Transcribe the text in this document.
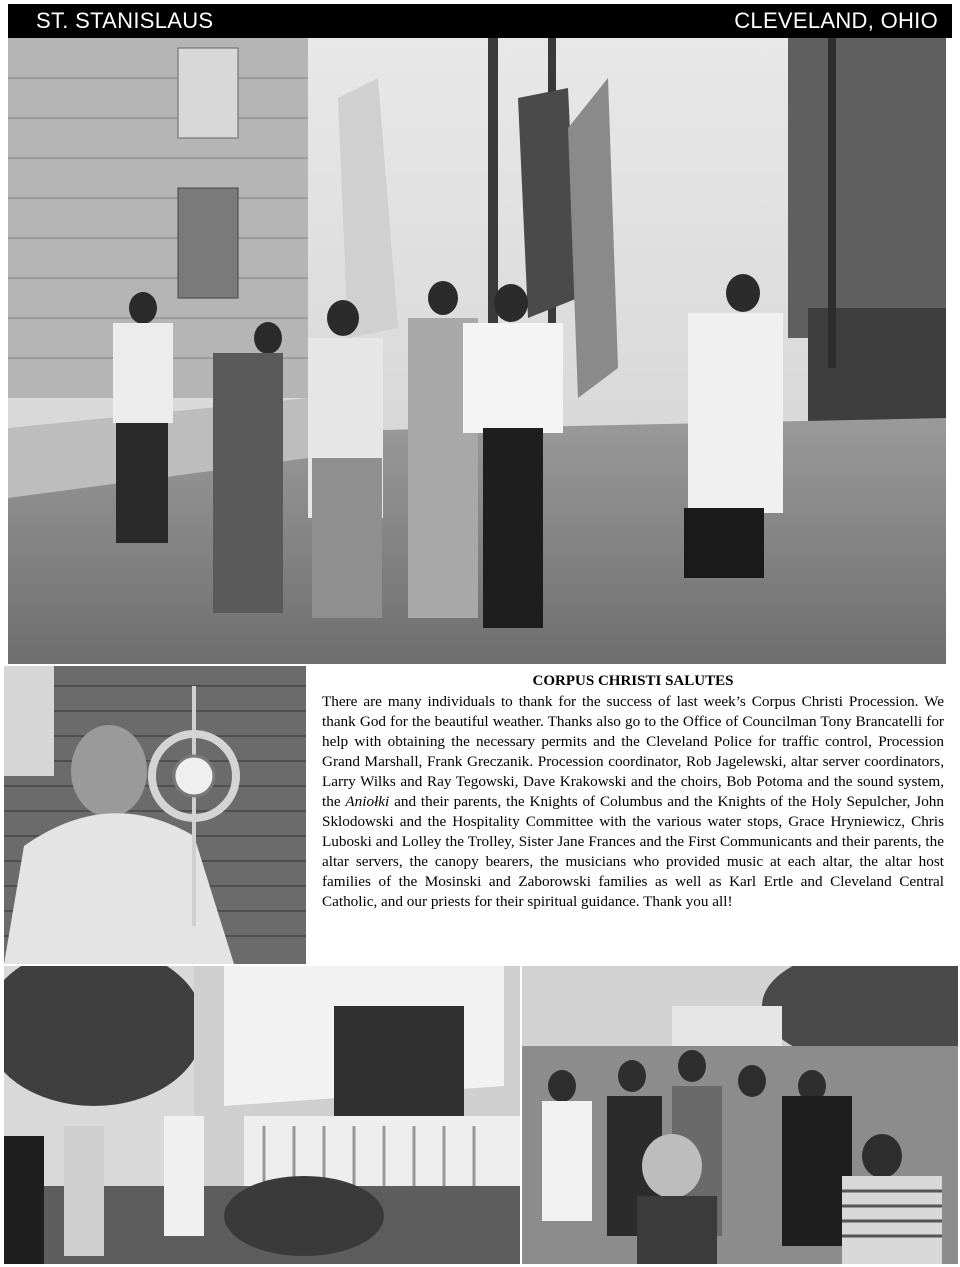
ST. STANISLAUS	CLEVELAND, OHIO
CORPUS CHRISTI SALUTES

There are many individuals to thank for the success of last week’s Corpus Christi Procession. We thank God for the beautiful weather. Thanks also go to the Office of Councilman Tony Brancatelli for help with obtaining the necessary permits and the Cleveland Police for traffic control, Procession Grand Marshall, Frank Greczanik. Procession coordinator, Rob Jagelewski, altar server coordinators, Larry Wilks and Ray Tegowski, Dave Krakowski and the choirs, Bob Potoma and the sound system, the Aniołki and their parents, the Knights of Columbus and the Knights of the Holy Sepulcher, John Sklodowski and the Hospitality Committee with the various water stops, Grace Hryniewicz, Chris Luboski and Lolley the Trolley, Sister Jane Frances and the First Communicants and their parents, the altar servers, the canopy bearers, the musicians who provided music at each altar, the altar host families of the Mosinski and Zaborowski families as well as Karl Ertle and Cleveland Central Catholic, and our priests for their spiritual guidance. Thank you all!
